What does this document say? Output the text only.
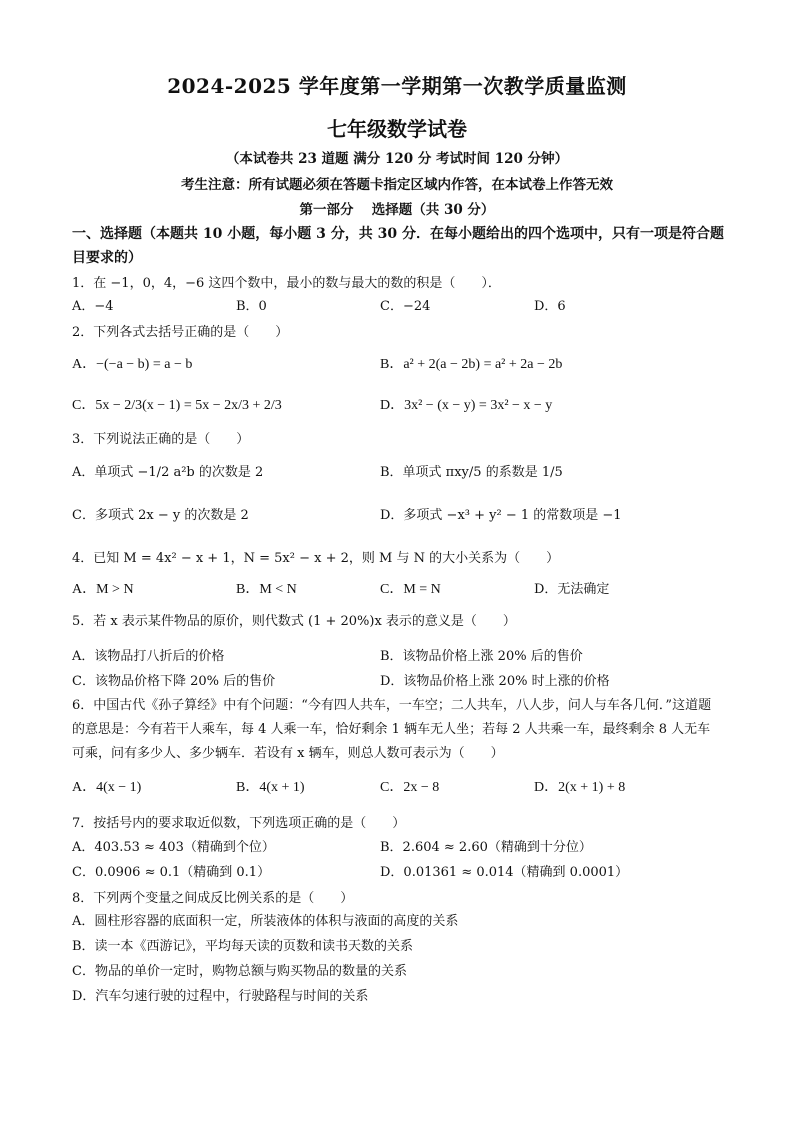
2024-2025 学年度第一学期第一次教学质量监测
七年级数学试卷
（本试卷共 23 道题 满分 120 分 考试时间 120 分钟）
考生注意：所有试题必须在答题卡指定区域内作答，在本试卷上作答无效
第一部分　 选择题（共 30 分）
一、选择题（本题共 10 小题，每小题 3 分，共 30 分．在每小题给出的四个选项中，只有一项是符合题目要求的）
1．在 −1，0，4，−6 这四个数中，最小的数与最大的数的积是（　　）．
A．−4	B．0	C．−24	D．6
2．下列各式去括号正确的是（　　）
A．−(−a − b) = a − b	B．a² + 2(a − 2b) = a² + 2a − 2b
C．5x − 2/3(x − 1) = 5x − 2x/3 + 2/3	D．3x² − (x − y) = 3x² − x − y
3．下列说法正确的是（　　）
A．单项式 −1/2 a²b 的次数是 2	B．单项式 πxy/5 的系数是 1/5
C．多项式 2x − y 的次数是 2	D．多项式 −x³ + y² − 1 的常数项是 −1
4．已知 M = 4x² − x + 1，N = 5x² − x + 2，则 M 与 N 的大小关系为（　　）
A．M > N	B．M < N	C．M = N	D．无法确定
5．若 x 表示某件物品的原价，则代数式 (1 + 20%)x 表示的意义是（　　）
A．该物品打八折后的价格	B．该物品价格上涨 20% 后的售价
C．该物品价格下降 20% 后的售价	D．该物品价格上涨 20% 时上涨的价格
6．中国古代《孙子算经》中有个问题：“今有四人共车，一车空；二人共车，八人步，问人与车各几何．”这道题的意思是：今有若干人乘车，每 4 人乘一车，恰好剩余 1 辆车无人坐；若每 2 人共乘一车，最终剩余 8 人无车可乘，问有多少人、多少辆车．若设有 x 辆车，则总人数可表示为（　　）
A．4(x − 1)	B．4(x + 1)	C．2x − 8	D．2(x + 1) + 8
7．按括号内的要求取近似数，下列选项正确的是（　　）
A．403.53 ≈ 403（精确到个位）	B．2.604 ≈ 2.60（精确到十分位）
C．0.0906 ≈ 0.1（精确到 0.1）	D．0.01361 ≈ 0.014（精确到 0.0001）
8．下列两个变量之间成反比例关系的是（　　）
A．圆柱形容器的底面积一定，所装液体的体积与液面的高度的关系
B．读一本《西游记》，平均每天读的页数和读书天数的关系
C．物品的单价一定时，购物总额与购买物品的数量的关系
D．汽车匀速行驶的过程中，行驶路程与时间的关系
